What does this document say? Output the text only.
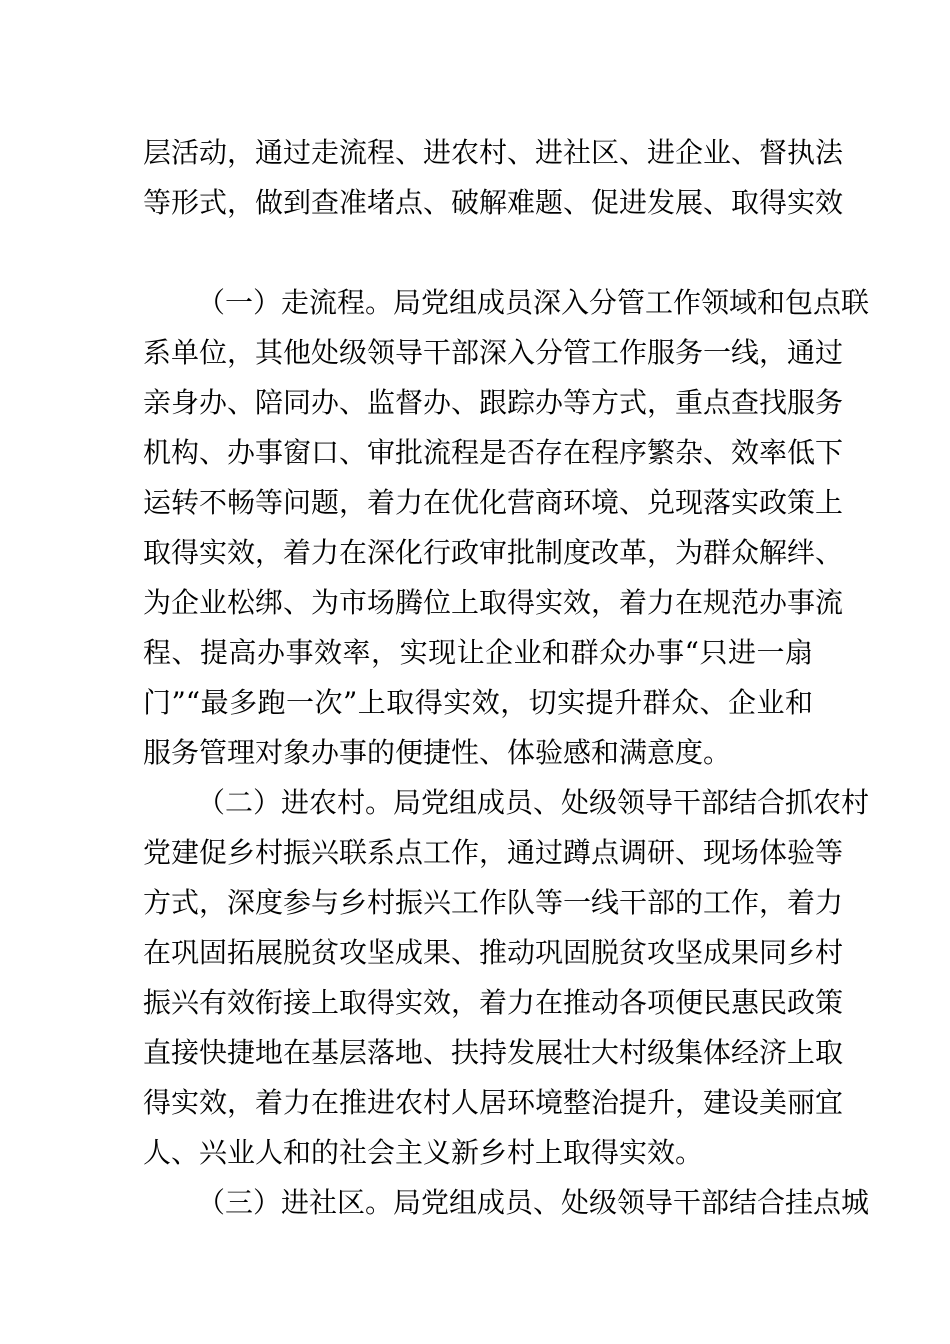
层活动，通过走流程、进农村、进社区、进企业、督执法
等形式，做到查准堵点、破解难题、促进发展、取得实效
（一）走流程。局党组成员深入分管工作领域和包点联
系单位，其他处级领导干部深入分管工作服务一线，通过
亲身办、陪同办、监督办、跟踪办等方式，重点查找服务
机构、办事窗口、审批流程是否存在程序繁杂、效率低下
运转不畅等问题，着力在优化营商环境、兑现落实政策上
取得实效，着力在深化行政审批制度改革，为群众解绊、
为企业松绑、为市场腾位上取得实效，着力在规范办事流
程、提高办事效率，实现让企业和群众办事“只进一扇
门”“最多跑一次”上取得实效，切实提升群众、企业和
服务管理对象办事的便捷性、体验感和满意度。
（二）进农村。局党组成员、处级领导干部结合抓农村
党建促乡村振兴联系点工作，通过蹲点调研、现场体验等
方式，深度参与乡村振兴工作队等一线干部的工作，着力
在巩固拓展脱贫攻坚成果、推动巩固脱贫攻坚成果同乡村
振兴有效衔接上取得实效，着力在推动各项便民惠民政策
直接快捷地在基层落地、扶持发展壮大村级集体经济上取
得实效，着力在推进农村人居环境整治提升，建设美丽宜
人、兴业人和的社会主义新乡村上取得实效。
（三）进社区。局党组成员、处级领导干部结合挂点城
